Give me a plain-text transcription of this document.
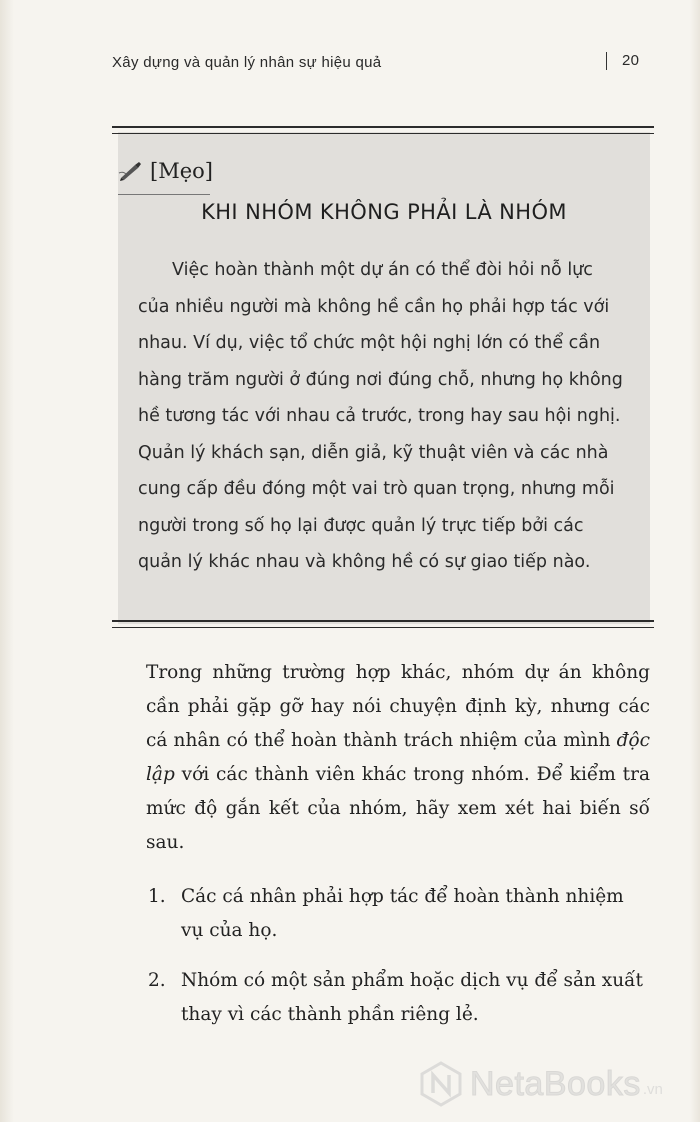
Xây dựng và quản lý nhân sự hiệu quả	20
[Mẹo]
KHI NHÓM KHÔNG PHẢI LÀ NHÓM

Việc hoàn thành một dự án có thể đòi hỏi nỗ lực của nhiều người mà không hề cần họ phải hợp tác với nhau. Ví dụ, việc tổ chức một hội nghị lớn có thể cần hàng trăm người ở đúng nơi đúng chỗ, nhưng họ không hề tương tác với nhau cả trước, trong hay sau hội nghị. Quản lý khách sạn, diễn giả, kỹ thuật viên và các nhà cung cấp đều đóng một vai trò quan trọng, nhưng mỗi người trong số họ lại được quản lý trực tiếp bởi các quản lý khác nhau và không hề có sự giao tiếp nào.

Trong những trường hợp khác, nhóm dự án không cần phải gặp gỡ hay nói chuyện định kỳ, nhưng các cá nhân có thể hoàn thành trách nhiệm của mình độc lập với các thành viên khác trong nhóm. Để kiểm tra mức độ gắn kết của nhóm, hãy xem xét hai biến số sau.

1. Các cá nhân phải hợp tác để hoàn thành nhiệm vụ của họ.
2. Nhóm có một sản phẩm hoặc dịch vụ để sản xuất thay vì các thành phần riêng lẻ.
NetaBooks .vn
